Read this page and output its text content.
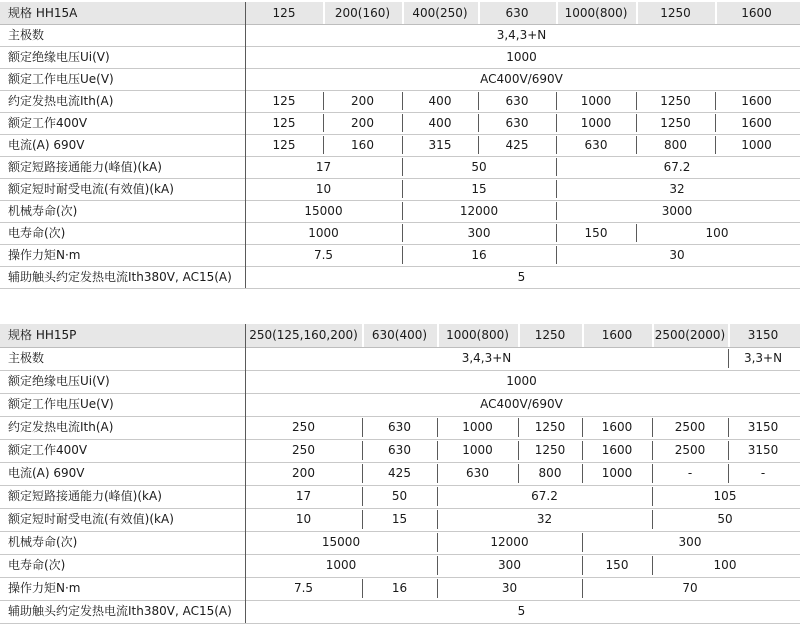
规格 HH15A	125	200(160)	400(250)	630	1000(800)	1250	1600
主极数	3,4,3+N
额定绝缘电压Ui(V)	1000
额定工作电压Ue(V)	AC400V/690V
约定发热电流Ith(A)	125	200	400	630	1000	1250	1600
额定工作400V	125	200	400	630	1000	1250	1600
电流(A) 690V	125	160	315	425	630	800	1000
额定短路接通能力(峰值)(kA)	17	50	67.2
额定短时耐受电流(有效值)(kA)	10	15	32
机械寿命(次)	15000	12000	3000
电寿命(次)	1000	300	150	100
操作力矩N·m	7.5	16	30
辅助触头约定发热电流Ith380V, AC15(A)	5
规格 HH15P	250(125,160,200)	630(400)	1000(800)	1250	1600	2500(2000)	3150
主极数	3,4,3+N	3,3+N
额定绝缘电压Ui(V)	1000
额定工作电压Ue(V)	AC400V/690V
约定发热电流Ith(A)	250	630	1000	1250	1600	2500	3150
额定工作400V	250	630	1000	1250	1600	2500	3150
电流(A) 690V	200	425	630	800	1000	-	-
额定短路接通能力(峰值)(kA)	17	50	67.2	105
额定短时耐受电流(有效值)(kA)	10	15	32	50
机械寿命(次)	15000	12000	300
电寿命(次)	1000	300	150	100
操作力矩N·m	7.5	16	30	70
辅助触头约定发热电流Ith380V, AC15(A)	5
